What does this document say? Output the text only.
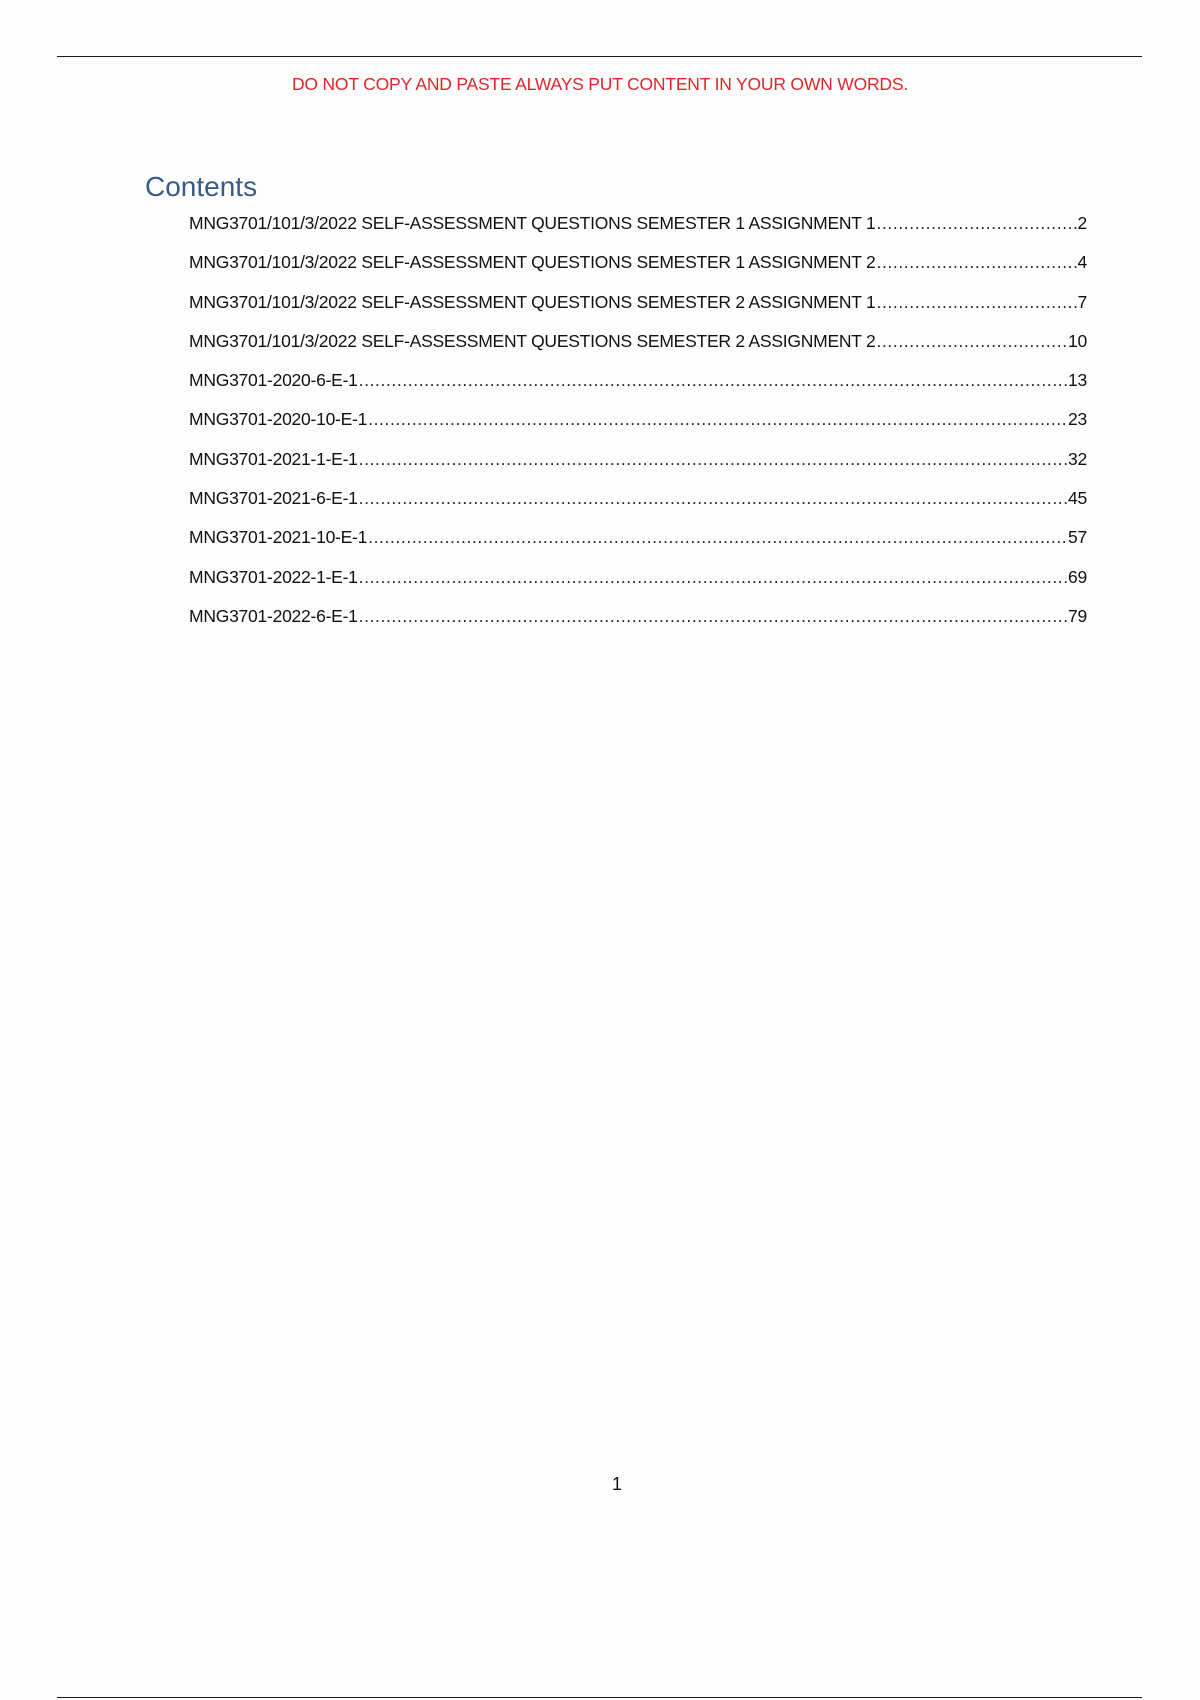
DO NOT COPY AND PASTE ALWAYS PUT CONTENT IN YOUR OWN WORDS.
Contents
MNG3701/101/3/2022 SELF-ASSESSMENT QUESTIONS SEMESTER 1 ASSIGNMENT 1 .....	2
MNG3701/101/3/2022 SELF-ASSESSMENT QUESTIONS SEMESTER 1 ASSIGNMENT 2 .....	4
MNG3701/101/3/2022 SELF-ASSESSMENT QUESTIONS SEMESTER 2 ASSIGNMENT 1 .....	7
MNG3701/101/3/2022 SELF-ASSESSMENT QUESTIONS SEMESTER 2 ASSIGNMENT 2 .....	10
MNG3701-2020-6-E-1 .....	13
MNG3701-2020-10-E-1 .....	23
MNG3701-2021-1-E-1 .....	32
MNG3701-2021-6-E-1 .....	45
MNG3701-2021-10-E-1 .....	57
MNG3701-2022-1-E-1 .....	69
MNG3701-2022-6-E-1 .....	79
1
